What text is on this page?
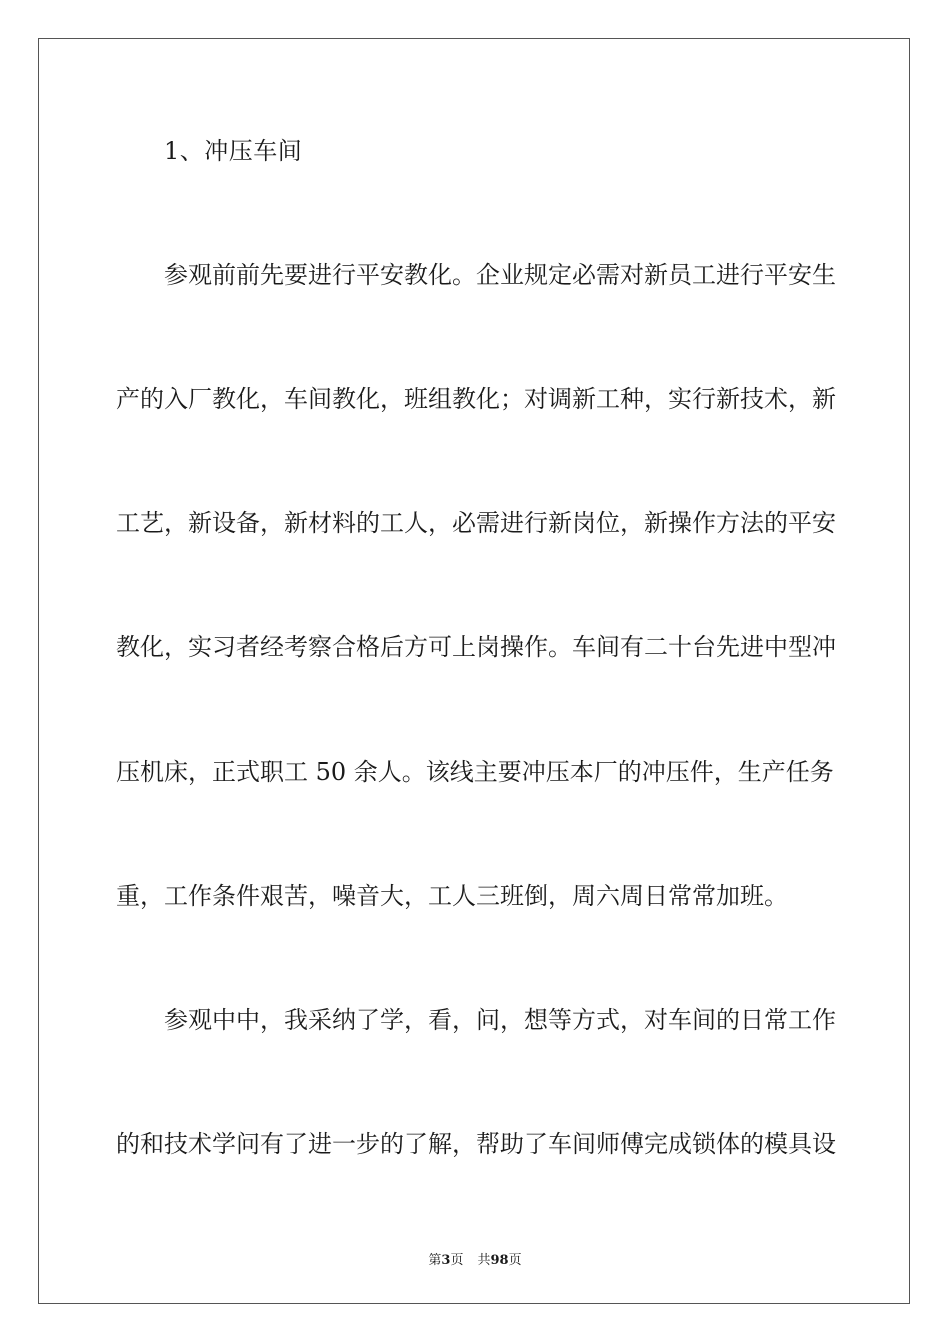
1、冲压车间
参观前前先要进行平安教化。企业规定必需对新员工进行平安生
产的入厂教化，车间教化，班组教化；对调新工种，实行新技术，新
工艺，新设备，新材料的工人，必需进行新岗位，新操作方法的平安
教化，实习者经考察合格后方可上岗操作。车间有二十台先进中型冲
压机床，正式职工 50 余人。该线主要冲压本厂的冲压件，生产任务
重，工作条件艰苦，噪音大，工人三班倒，周六周日常常加班。
参观中中，我采纳了学，看，问，想等方式，对车间的日常工作
的和技术学问有了进一步的了解，帮助了车间师傅完成锁体的模具设
第3页 共98页
